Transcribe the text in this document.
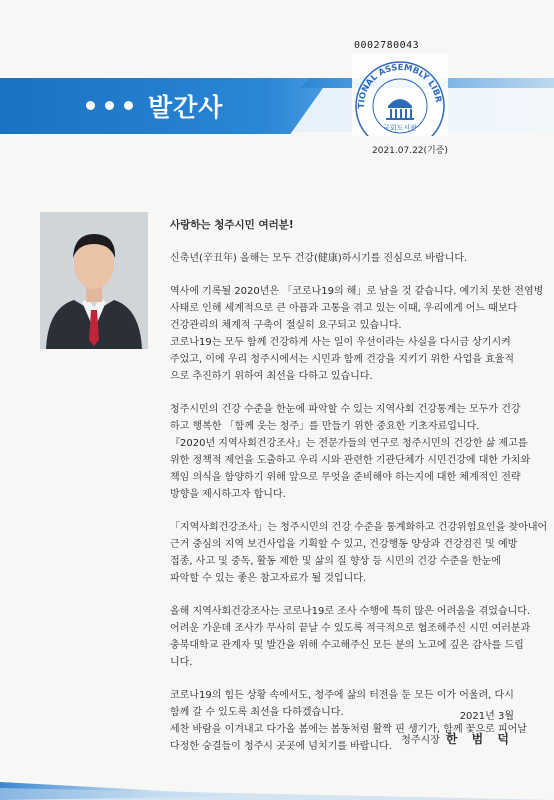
발간사
0002780043
TIONAL ASSEMBLY LIBR
국회도서관
2021.07.22(기증)

사랑하는 청주시민 여러분!

신축년(辛丑年) 올해는 모두 건강(健康)하시기를 진심으로 바랍니다.

역사에 기록될 2020년은 「코로나19의 해」로 남을 것 같습니다. 예기치 못한 전염병
사태로 인해 세계적으로 큰 아픔과 고통을 겪고 있는 이때, 우리에게 어느 때보다
건강관리의 체계적 구축이 절실히 요구되고 있습니다.

코로나19는 모두 함께 건강하게 사는 일이 우선이라는 사실을 다시금 상기시켜
주었고, 이에 우리 청주시에서는 시민과 함께 건강을 지키기 위한 사업을 효율적
으로 추진하기 위하여 최선을 다하고 있습니다.

청주시민의 건강 수준을 한눈에 파악할 수 있는 지역사회 건강통계는 모두가 건강
하고 행복한 「함께 웃는 청주」를 만들기 위한 중요한 기초자료입니다.

『2020년 지역사회건강조사』는 전문가들의 연구로 청주시민의 건강한 삶 제고를
위한 정책적 제언을 도출하고 우리 시와 관련한 기관단체가 시민건강에 대한 가치와
책임 의식을 함양하기 위해 앞으로 무엇을 준비해야 하는지에 대한 체계적인 전략
방향을 제시하고자 합니다.

「지역사회건강조사」는 청주시민의 건강 수준을 통계화하고 건강위험요인을 찾아내어
근거 중심의 지역 보건사업을 기획할 수 있고, 건강행동 양상과 건강검진 및 예방
접종, 사고 및 중독, 활동 제한 및 삶의 질 향상 등 시민의 건강 수준을 한눈에
파악할 수 있는 좋은 참고자료가 될 것입니다.

올해 지역사회건강조사는 코로나19로 조사 수행에 특히 많은 어려움을 겪었습니다.
어려운 가운데 조사가 무사히 끝날 수 있도록 적극적으로 협조해주신 시민 여러분과
충북대학교 관계자 및 발간을 위해 수고해주신 모든 분의 노고에 깊은 감사를 드립
니다.

코로나19의 힘든 상황 속에서도, 청주에 삶의 터전을 둔 모든 이가 어울려, 다시
함께 갈 수 있도록 최선을 다하겠습니다.

세찬 바람을 이겨내고 다가올 봄에는 봄동처럼 활짝 핀 생기가, 함께 꽃으로 피어날
다정한 숭결들이 청주시 곳곳에 넘치기를 바랍니다.

2021년 3월
청주시장 한 범 덕
